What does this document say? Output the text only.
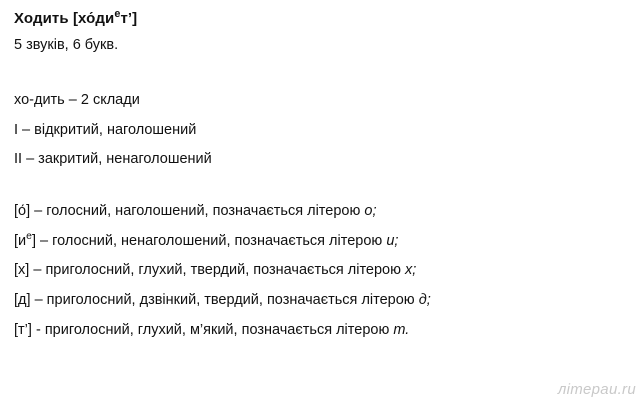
Ходить $[хо́ди^ет’]$
5 звуків, 6 букв.
хо-дить – 2 склади
I – відкритий, наголошений
II – закритий, ненаголошений
[о́] – голосний, наголошений, позначається літерою о;
$[и^е]$ – голосний, ненаголошений, позначається літерою и;
[х] – приголосний, глухий, твердий, позначається літерою х;
[д] – приголосний, дзвінкий, твердий, позначається літерою д;
[т’] - приголосний, глухий, м’який, позначається літерою т.
літераи.ru
